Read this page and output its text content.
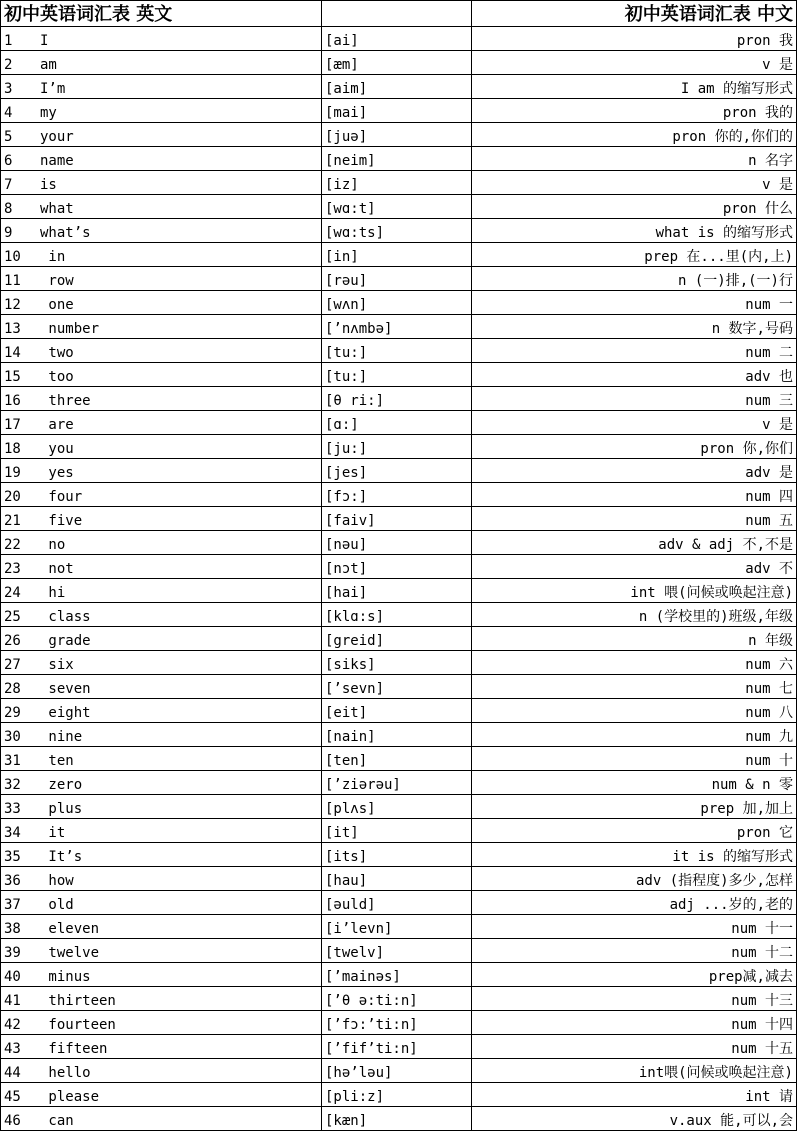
初中英语词汇表 英文		初中英语词汇表 中文
1 I	[ai]	pron 我
2 am	[æm]	v 是
3 I’m	[aim]	I am 的缩写形式
4 my	[mai]	pron 我的
5 your	[juə]	pron 你的,你们的
6 name	[neim]	n 名字
7 is	[iz]	v 是
8 what	[wɑ:t]	pron 什么
9 what’s	[wɑ:ts]	what is 的缩写形式
10 in	[in]	prep 在...里(内,上)
11 row	[rəu]	n (一)排,(一)行
12 one	[wʌn]	num 一
13 number	[’nʌmbə]	n 数字,号码
14 two	[tu:]	num 二
15 too	[tu:]	adv 也
16 three	[θ ri:]	num 三
17 are	[ɑ:]	v 是
18 you	[ju:]	pron 你,你们
19 yes	[jes]	adv 是
20 four	[fɔ:]	num 四
21 five	[faiv]	num 五
22 no	[nəu]	adv & adj 不,不是
23 not	[nɔt]	adv 不
24 hi	[hai]	int 喂(问候或唤起注意)
25 class	[klɑ:s]	n (学校里的)班级,年级
26 grade	[greid]	n 年级
27 six	[siks]	num 六
28 seven	[’sevn]	num 七
29 eight	[eit]	num 八
30 nine	[nain]	num 九
31 ten	[ten]	num 十
32 zero	[’ziərəu]	num & n 零
33 plus	[plʌs]	prep 加,加上
34 it	[it]	pron 它
35 It’s	[its]	it is 的缩写形式
36 how	[hau]	adv (指程度)多少,怎样
37 old	[əuld]	adj ...岁的,老的
38 eleven	[i’levn]	num 十一
39 twelve	[twelv]	num 十二
40 minus	[’mainəs]	prep减,减去
41 thirteen	[’θ ə:ti:n]	num 十三
42 fourteen	[’fɔ:’ti:n]	num 十四
43 fifteen	[’fif’ti:n]	num 十五
44 hello	[hə’ləu]	int喂(问候或唤起注意)
45 please	[pli:z]	int 请
46 can	[kæn]	v.aux 能,可以,会
